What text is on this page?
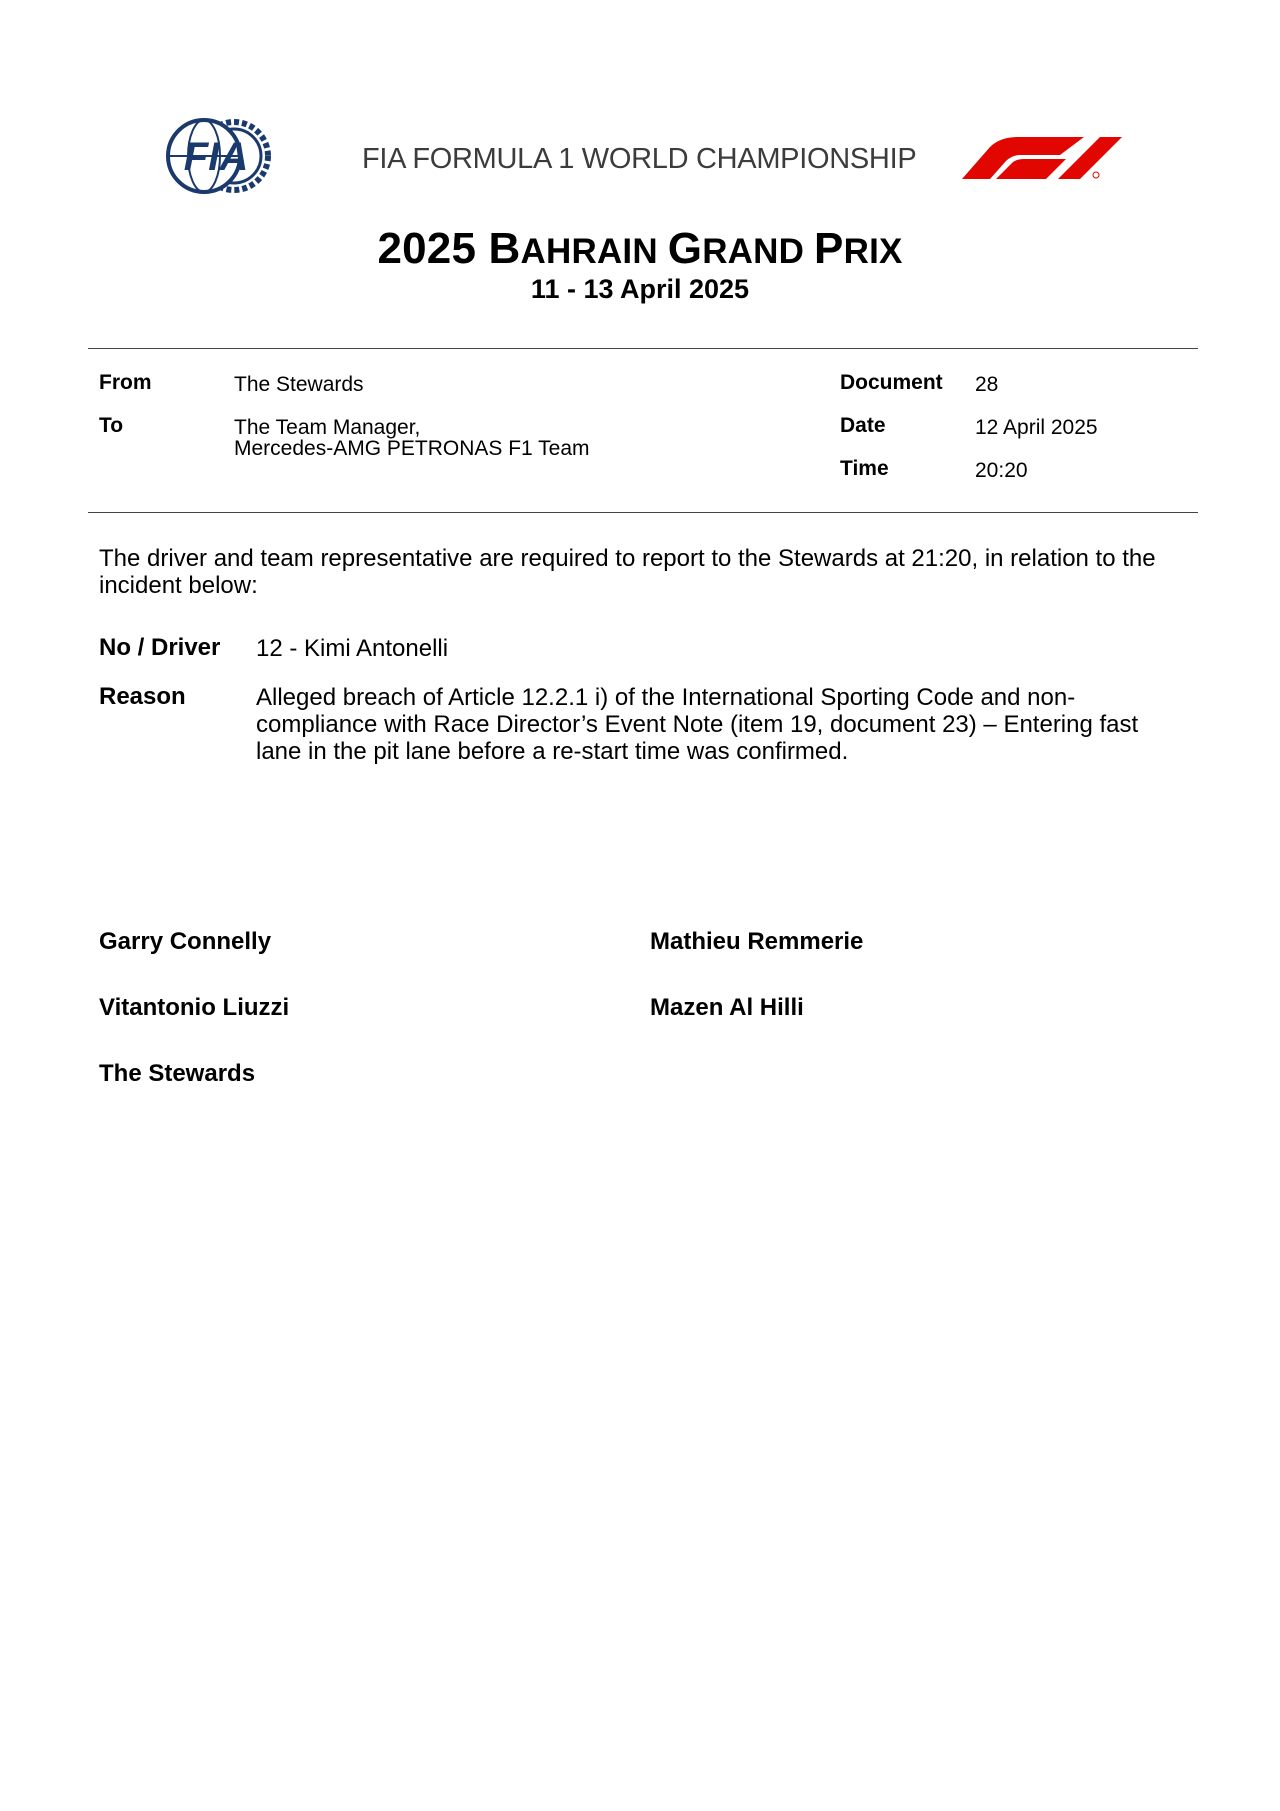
FIA	FIA FORMULA 1 WORLD CHAMPIONSHIP
2025 BAHRAIN GRAND PRIX
11 - 13 April 2025
From	The Stewards
To	The Team Manager,
Mercedes-AMG PETRONAS F1 Team
Document 28
Date	12 April 2025
Time	20:20
The driver and team representative are required to report to the Stewards at 21:20, in relation to the incident below:
No / Driver 12 - Kimi Antonelli
Reason	Alleged breach of Article 12.2.1 i) of the International Sporting Code and non-
compliance with Race Director’s Event Note (item 19, document 23) – Entering fast
lane in the pit lane before a re-start time was confirmed.
Garry Connelly	Mathieu Remmerie
Vitantonio Liuzzi	Mazen Al Hilli
The Stewards
